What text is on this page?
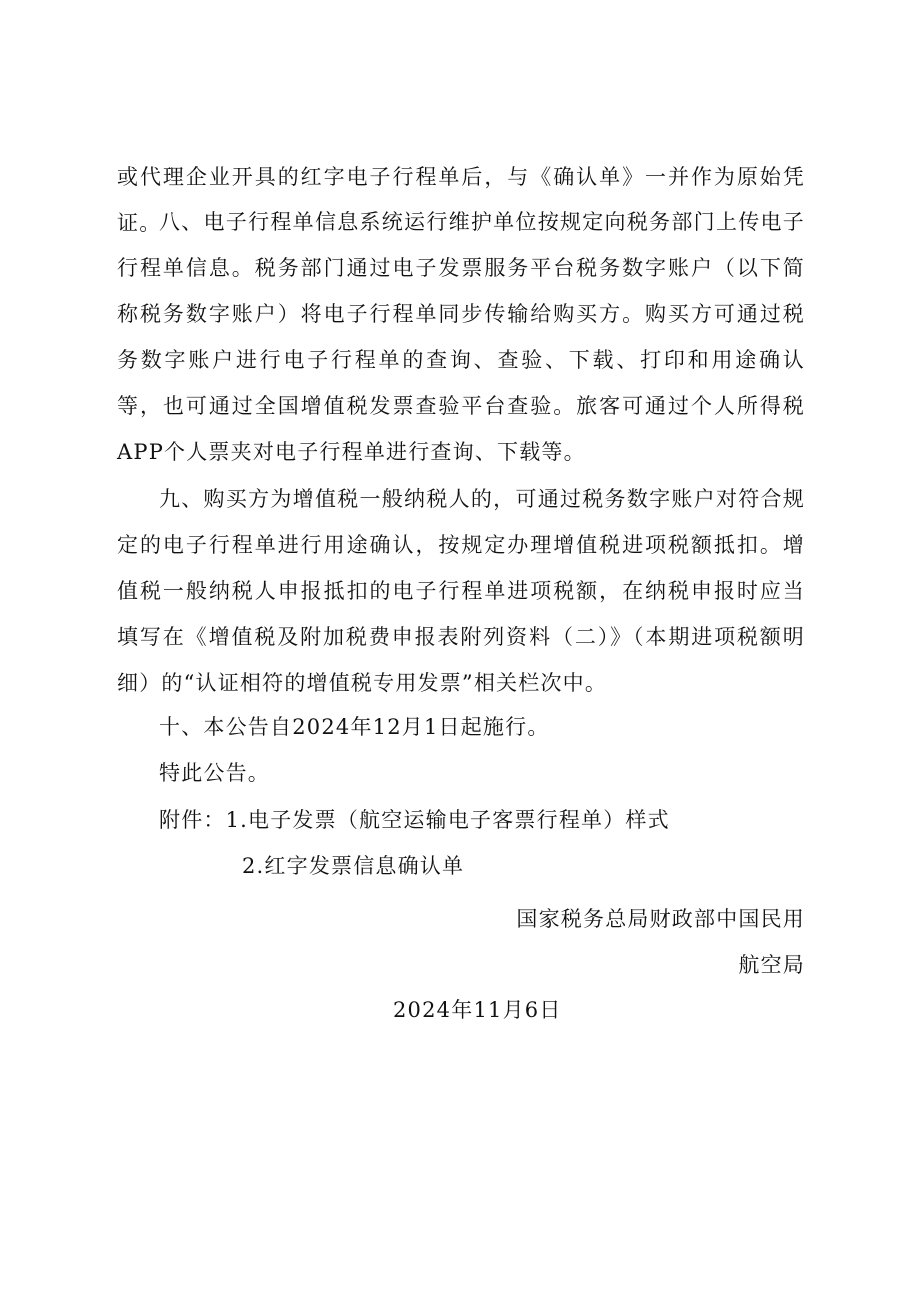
或代理企业开具的红字电子行程单后，与《确认单》一并作为原始凭证。

八、电子行程单信息系统运行维护单位按规定向税务部门上传电子行程单信息。税务部门通过电子发票服务平台税务数字账户（以下简称税务数字账户）将电子行程单同步传输给购买方。购买方可通过税务数字账户进行电子行程单的查询、查验、下载、打印和用途确认等，也可通过全国增值税发票查验平台查验。旅客可通过个人所得税APP个人票夹对电子行程单进行查询、下载等。

九、购买方为增值税一般纳税人的，可通过税务数字账户对符合规定的电子行程单进行用途确认，按规定办理增值税进项税额抵扣。增值税一般纳税人申报抵扣的电子行程单进项税额，在纳税申报时应当填写在《增值税及附加税费申报表附列资料（二）》（本期进项税额明细）的“认证相符的增值税专用发票”相关栏次中。

十、本公告自2024年12月1日起施行。

特此公告。

附件：1.电子发票（航空运输电子客票行程单）样式

2.红字发票信息确认单

国家税务总局财政部中国民用

航空局

2024年11月6日
